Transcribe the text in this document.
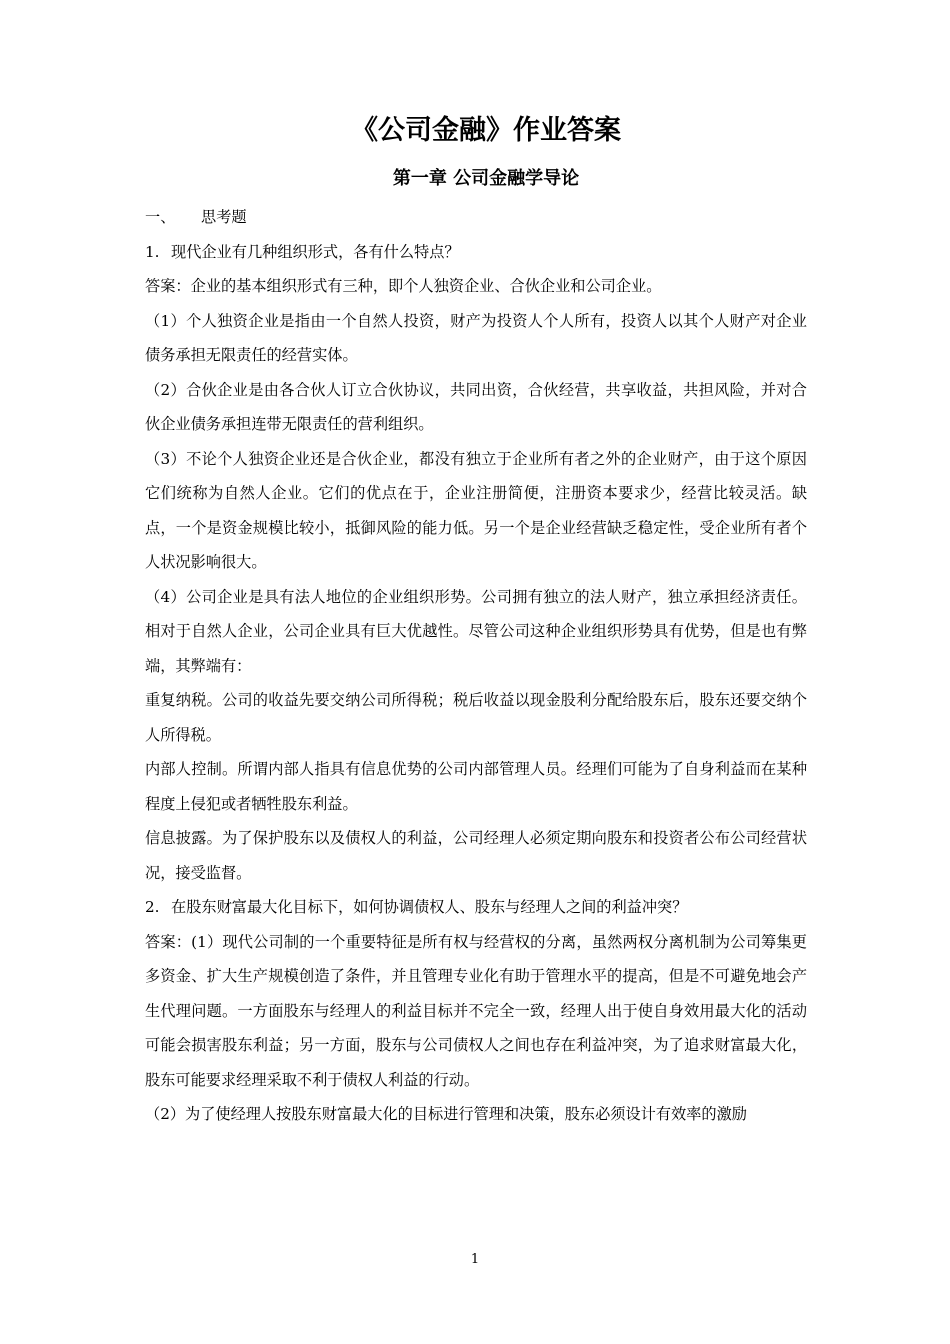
《公司金融》作业答案
第一章 公司金融学导论

一、 思考题

1. 现代企业有几种组织形式，各有什么特点？

答案：企业的基本组织形式有三种，即个人独资企业、合伙企业和公司企业。

（1）个人独资企业是指由一个自然人投资，财产为投资人个人所有，投资人以其个人财产对企业债务承担无限责任的经营实体。

（2）合伙企业是由各合伙人订立合伙协议，共同出资，合伙经营，共享收益，共担风险，并对合伙企业债务承担连带无限责任的营利组织。

（3）不论个人独资企业还是合伙企业，都没有独立于企业所有者之外的企业财产，由于这个原因它们统称为自然人企业。它们的优点在于，企业注册简便，注册资本要求少，经营比较灵活。缺点，一个是资金规模比较小，抵御风险的能力低。另一个是企业经营缺乏稳定性，受企业所有者个人状况影响很大。

（4）公司企业是具有法人地位的企业组织形势。公司拥有独立的法人财产，独立承担经济责任。相对于自然人企业，公司企业具有巨大优越性。尽管公司这种企业组织形势具有优势，但是也有弊端，其弊端有：

重复纳税。公司的收益先要交纳公司所得税；税后收益以现金股利分配给股东后，股东还要交纳个人所得税。

内部人控制。所谓内部人指具有信息优势的公司内部管理人员。经理们可能为了自身利益而在某种程度上侵犯或者牺牲股东利益。

信息披露。为了保护股东以及债权人的利益，公司经理人必须定期向股东和投资者公布公司经营状况，接受监督。

2. 在股东财富最大化目标下，如何协调债权人、股东与经理人之间的利益冲突？

答案：(1）现代公司制的一个重要特征是所有权与经营权的分离，虽然两权分离机制为公司筹集更多资金、扩大生产规模创造了条件，并且管理专业化有助于管理水平的提高，但是不可避免地会产生代理问题。一方面股东与经理人的利益目标并不完全一致，经理人出于使自身效用最大化的活动可能会损害股东利益；另一方面，股东与公司债权人之间也存在利益冲突，为了追求财富最大化，股东可能要求经理采取不利于债权人利益的行动。

（2）为了使经理人按股东财富最大化的目标进行管理和决策，股东必须设计有效率的激励

1
